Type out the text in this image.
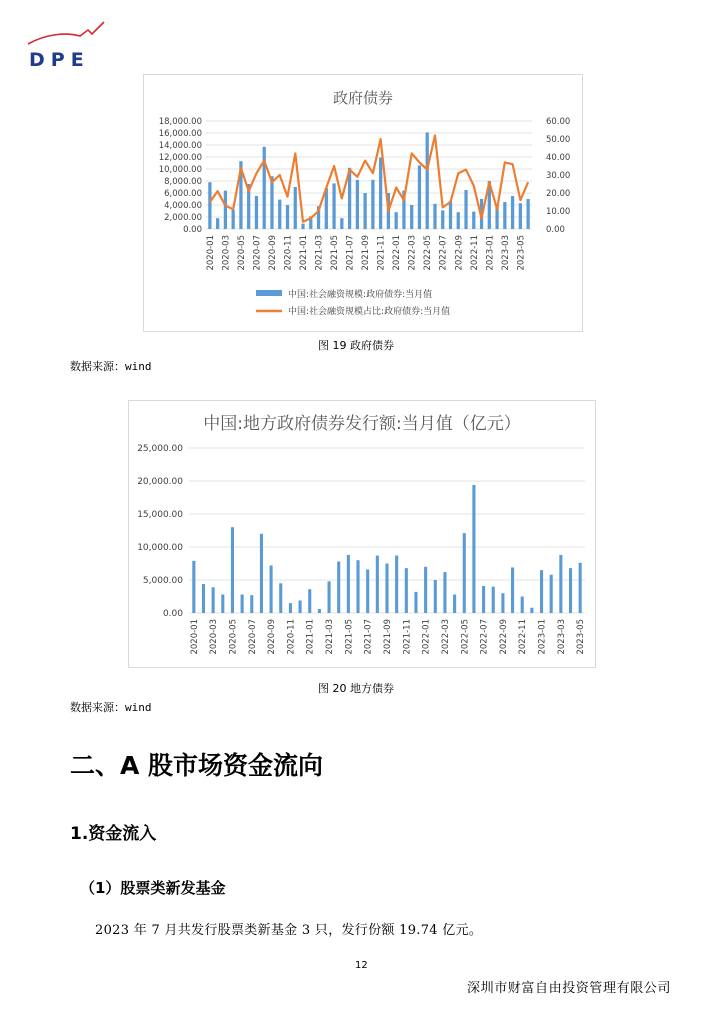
DPE
政府债券
0.00
2,000.00
4,000.00
6,000.00
8,000.00
10,000.00
12,000.00
14,000.00
16,000.00
18,000.00
0.00
10.00
20.00
30.00
40.00
50.00
60.00
2020-01 2020-03 2020-05 2020-07 2020-09 2020-11 2021-01 2021-03 2021-05 2021-07 2021-09 2021-11 2022-01 2022-03 2022-05 2022-07 2022-09 2022-11 2023-01 2023-03 2023-05
中国:社会融资规模:政府债券:当月值
中国:社会融资规模占比:政府债券:当月值
图 19 政府债券
数据来源：wind
中国:地方政府债券发行额:当月值（亿元）
0.00
5,000.00
10,000.00
15,000.00
20,000.00
25,000.00
2020-01 2020-03 2020-05 2020-07 2020-09 2020-11 2021-01 2021-03 2021-05 2021-07 2021-09 2021-11 2022-01 2022-03 2022-05 2022-07 2022-09 2022-11 2023-01 2023-03 2023-05
图 20 地方债券
数据来源：wind
二、A 股市场资金流向
1.资金流入
（1）股票类新发基金
2023 年 7 月共发行股票类新基金 3 只，发行份额 19.74 亿元。
12
深圳市财富自由投资管理有限公司
